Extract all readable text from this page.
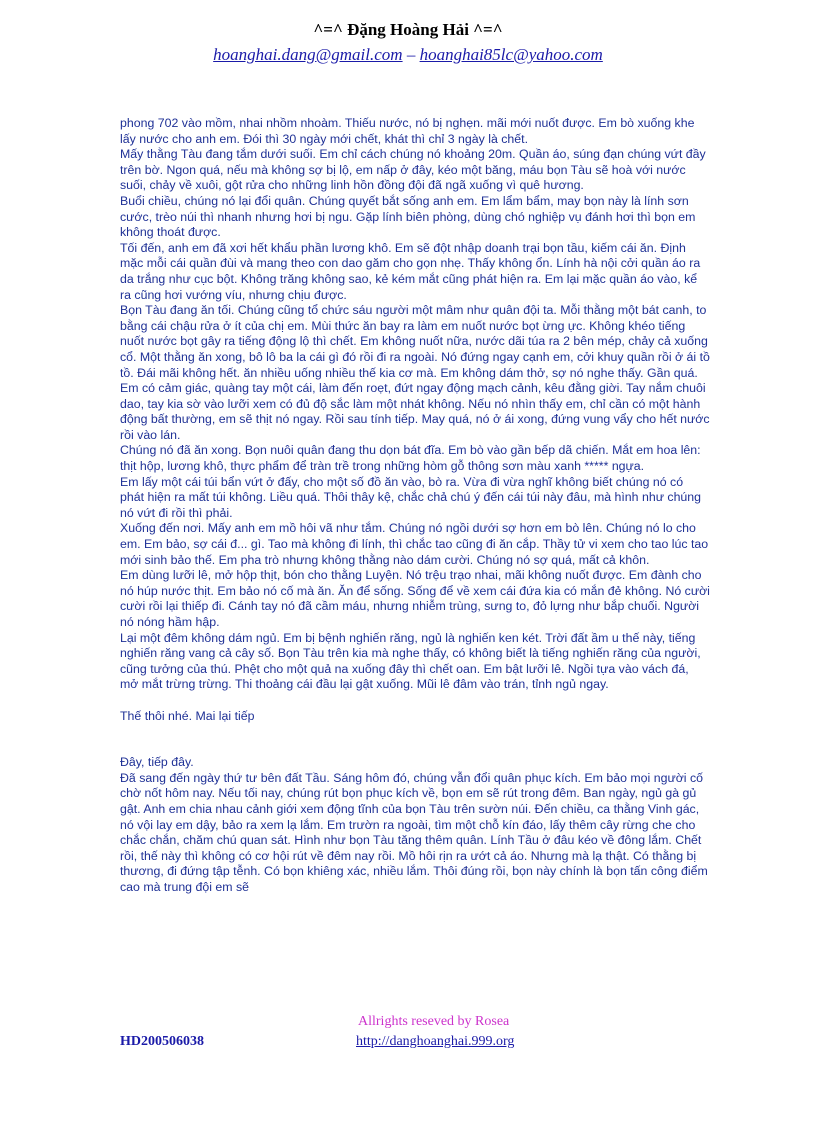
^=^ Đặng Hoàng Hải ^=^
hoanghai.dang@gmail.com – hoanghai85lc@yahoo.com

phong 702 vào mồm, nhai nhồm nhoàm. Thiếu nước, nó bị nghẹn. mãi mới nuốt được. Em bò xuống khe lấy nước cho anh em. Đói thì 30 ngày mới chết, khát thì chỉ 3 ngày là chết.

Mấy thằng Tàu đang tắm dưới suối. Em chỉ cách chúng nó khoảng 20m. Quần áo, súng đạn chúng vứt đầy trên bờ. Ngon quá, nếu mà không sợ bị lộ, em nấp ở đây, kéo một băng, máu bọn Tàu sẽ hoà với nước suối, chảy về xuôi, gột rửa cho những linh hồn đồng đội đã ngã xuống vì quê hương.

Buổi chiều, chúng nó lại đổi quân. Chúng quyết bắt sống anh em. Em lẩm bẩm, may bọn này là lính sơn cước, trèo núi thì nhanh nhưng hơi bị ngu. Gặp lính biên phòng, dùng chó nghiệp vụ đánh hơi thì bọn em không thoát được.

Tối đến, anh em đã xơi hết khẩu phần lương khô. Em sẽ đột nhập doanh trại bọn tầu, kiếm cái ăn. Định mặc mỗi cái quần đùi và mang theo con dao găm cho gọn nhẹ. Thấy không ổn. Lính hà nội cởi quần áo ra da trắng như cục bột. Không trăng không sao, kẻ kém mắt cũng phát hiện ra. Em lại mặc quần áo vào, kể ra cũng hơi vướng víu, nhưng chịu được.

Bọn Tàu đang ăn tối. Chúng cũng tổ chức sáu người một mâm như quân đội ta. Mỗi thằng một bát canh, to bằng cái chậu rửa ở ít của chị em. Mùi thức ăn bay ra làm em nuốt nước bọt ừng ực. Không khéo tiếng nuốt nước bọt gây ra tiếng động lộ thì chết. Em không nuốt nữa, nước dãi túa ra 2 bên mép, chảy cả xuống cổ. Một thằng ăn xong, bô lô ba la cái gì đó rồi đi ra ngoài. Nó đứng ngay cạnh em, cởi khuy quần rồi ở ái tồ tồ. Đái mãi không hết. ăn nhiều uống nhiều thế kia cơ mà. Em không dám thở, sợ nó nghe thấy. Gần quá. Em có cảm giác, quàng tay một cái, làm đến roẹt, đứt ngay động mạch cảnh, kêu đằng giời. Tay nắm chuôi dao, tay kia sờ vào lưỡi xem có đủ độ sắc làm một nhát không. Nếu nó nhìn thấy em, chỉ cần có một hành động bất thường, em sẽ thịt nó ngay. Rồi sau tính tiếp. May quá, nó ở ái xong, đứng vung vẩy cho hết nước rồi vào lán.

Chúng nó đã ăn xong. Bọn nuôi quân đang thu dọn bát đĩa. Em bò vào gần bếp dã chiến. Mắt em hoa lên: thịt hộp, lương khô, thực phẩm để tràn trề trong những hòm gỗ thông sơn màu xanh ***** ngựa.

Em lấy một cái túi bẩn vứt ở đấy, cho một số đồ ăn vào, bò ra. Vừa đi vừa nghĩ không biết chúng nó có phát hiện ra mất túi không. Liều quá. Thôi thây kệ, chắc chả chú ý đến cái túi này đâu, mà hình như chúng nó vứt đi rồi thì phải.

Xuống đến nơi. Mấy anh em mồ hôi vã như tắm. Chúng nó ngồi dưới sợ hơn em bò lên. Chúng nó lo cho em. Em bảo, sợ cái đ... gì. Tao mà không đi lính, thì chắc tao cũng đi ăn cắp. Thầy tử vi xem cho tao lúc tao mới sinh bảo thế. Em pha trò nhưng không thằng nào dám cười. Chúng nó sợ quá, mất cả khôn.

Em dùng lưỡi lê, mở hộp thịt, bón cho thằng Luyện. Nó trệu trạo nhai, mãi không nuốt được. Em đành cho nó húp nước thịt. Em bảo nó cố mà ăn. Ăn để sống. Sống để về xem cái đứa kia có mắn đẻ không. Nó cười cười rồi lại thiếp đi. Cánh tay nó đã cầm máu, nhưng nhiễm trùng, sưng to, đỏ lựng như bắp chuối. Người nó nóng hầm hập.

Lại một đêm không dám ngủ. Em bị bệnh nghiến răng, ngủ là nghiến ken két. Trời đất ầm u thế này, tiếng nghiến răng vang cả cây số. Bọn Tàu trên kia mà nghe thấy, có không biết là tiếng nghiến răng của người, cũng tưởng của thú. Phệt cho một quả na xuống đây thì chết oan. Em bật lưỡi lê. Ngồi tựa vào vách đá, mở mắt trừng trừng. Thi thoảng cái đầu lại gật xuống. Mũi lê đâm vào trán, tỉnh ngủ ngay.

Thế thôi nhé. Mai lại tiếp

Đây, tiếp đây.

Đã sang đến ngày thứ tư bên đất Tầu. Sáng hôm đó, chúng vẫn đổi quân phục kích. Em bảo mọi người cố chờ nốt hôm nay. Nếu tối nay, chúng rút bọn phục kích về, bọn em sẽ rút trong đêm. Ban ngày, ngủ gà gủ gật. Anh em chia nhau cảnh giới xem động tĩnh của bọn Tàu trên sườn núi. Đến chiều, ca thằng Vinh gác, nó vội lay em dậy, bảo ra xem lạ lắm. Em trườn ra ngoài, tìm một chỗ kín đáo, lấy thêm cây rừng che cho chắc chắn, chăm chú quan sát. Hình như bọn Tàu tăng thêm quân. Lính Tầu ở đâu kéo về đông lắm. Chết rồi, thế này thì không có cơ hội rút về đêm nay rồi. Mồ hôi rịn ra ướt cả áo. Nhưng mà lạ thật. Có thằng bị thương, đi đứng tập tễnh. Có bọn khiêng xác, nhiều lắm. Thôi đúng rồi, bọn này chính là bọn tấn công điểm cao mà trung đội em sẽ

Allrights reseved by Rosea
HD200506038	http://danghoanghai.999.org
